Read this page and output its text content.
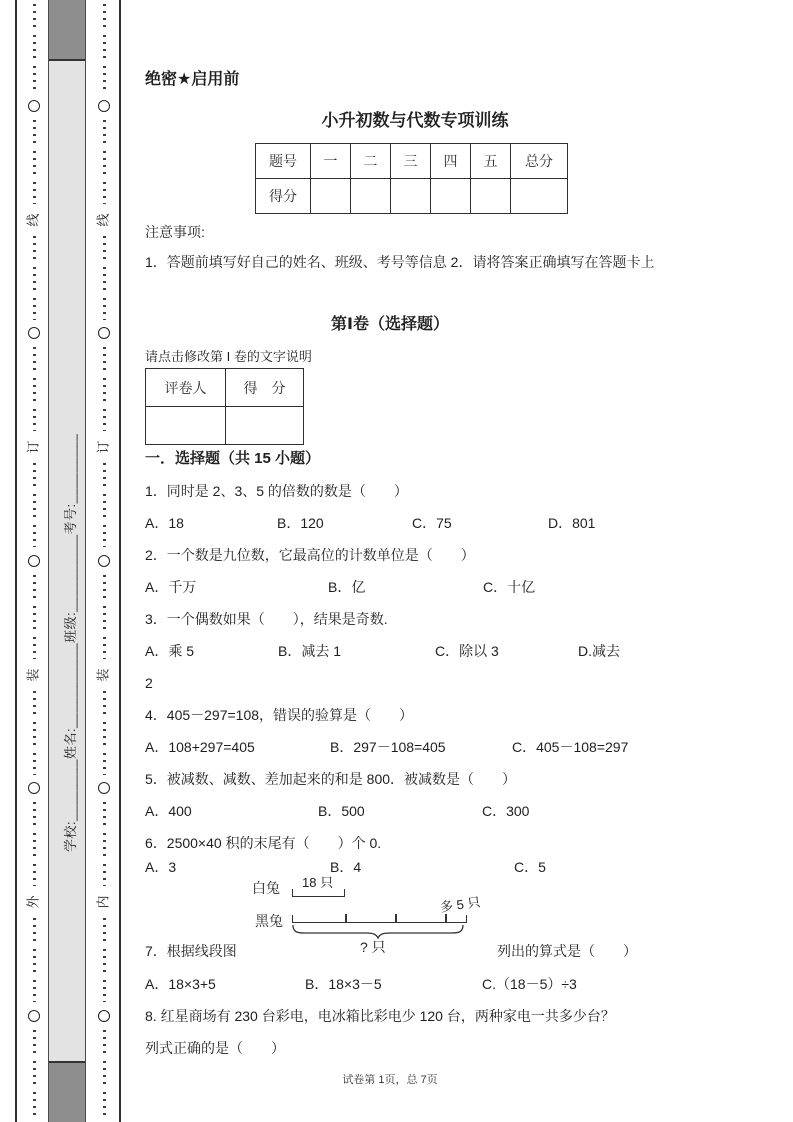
线
订
装
外
学校:________姓名:___________班级:__________考号:_________
线
订
装
内
绝密★启用前
小升初数与代数专项训练
题号	一	二	三	四	五	总分
得分						
注意事项:
1．答题前填写好自己的姓名、班级、考号等信息 2．请将答案正确填写在答题卡上
第Ⅰ卷（选择题）
请点击修改第 I 卷的文字说明
评卷人	得　分

一．选择题（共 15 小题）
1．同时是 2、3、5 的倍数的数是（　　）
A．18	B．120	C．75	D．801
2．一个数是九位数，它最高位的计数单位是（　　）
A．千万	B．亿	C．十亿
3．一个偶数如果（　　），结果是奇数.
A．乘 5	B．减去 1	C．除以 3	D.减去
2
4．405－297=108，错误的验算是（　　）
A．108+297=405	B．297－108=405	C．405－108=297
5．被减数、减数、差加起来的和是 800．被减数是（　　）
A．400	B．500	C．300
6．2500×40 积的末尾有（　　）个 0.
A．3	B．4	C．5
白兔 18 只
黑兔
多 5 只
? 只
7．根据线段图	列出的算式是（　　）
A．18×3+5	B．18×3－5	C.（18－5）÷3
8. 红星商场有 230 台彩电，电冰箱比彩电少 120 台，两种家电一共多少台？
列式正确的是（　　）
试卷第 1页，总 7页
